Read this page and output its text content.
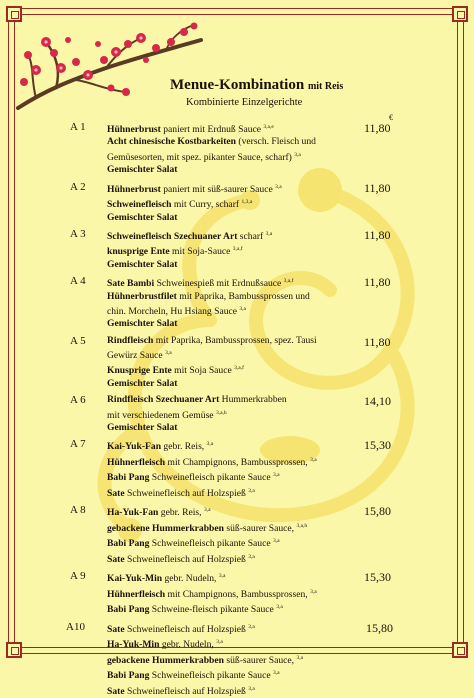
Menue-Kombination mit Reis
Kombinierte Einzelgerichte
€
A 1	11,80
Hühnerbrust paniert mit Erdnuß Sauce $^{3,a,e}$
Acht chinesische Kostbarkeiten (versch. Fleisch und
Gemüsesorten, mit spez. pikanter Sauce, scharf) $^{3,a}$
Gemischter Salat
A 2	11,80
Hühnerbrust paniert mit süß-saurer Sauce $^{3,a}$
Schweinefleisch mit Curry, scharf $^{1,3,a}$
Gemischter Salat
A 3	11,80
Schweinefleisch Szechuaner Art scharf $^{3,a}$
knusprige Ente mit Soja-Sauce $^{3,a,f}$
Gemischter Salat
A 4	11,80
Sate Bambi Schweinespieß mit Erdnußsauce $^{3,a,f}$
Hühnerbrustfilet mit Paprika, Bambussprossen und
chin. Morcheln, Hu Hsiang Sauce $^{3,a}$
Gemischter Salat
A 5	11,80
Rindfleisch mit Paprika, Bambussprossen, spez. Tausi
Gewürz Sauce $^{3,a}$
Knusprige Ente mit Soja Sauce $^{3,a,f}$
Gemischter Salat
A 6	14,10
Rindfleisch Szechuaner Art Hummerkrabben
mit verschiedenem Gemüse $^{3,a,h}$
Gemischter Salat
A 7	15,30
Kai-Yuk-Fan gebr. Reis, $^{3,a}$
Hühnerfleisch mit Champignons, Bambussprossen, $^{3,a}$
Babi Pang Schweinefleisch pikante Sauce $^{3,a}$
Sate Schweinefleisch auf Holzspieß $^{3,a}$
A 8	15,80
Ha-Yuk-Fan gebr. Reis, $^{3,a}$
gebackene Hummerkrabben süß-saurer Sauce, $^{3,a,h}$
Babi Pang Schweinefleisch pikante Sauce $^{3,a}$
Sate Schweinefleisch auf Holzspieß $^{3,a}$
A 9	15,30
Kai-Yuk-Min gebr. Nudeln, $^{3,a}$
Hühnerfleisch mit Champignons, Bambussprossen, $^{3,a}$
Babi Pang Schweine-fleisch pikante Sauce $^{3,a}$
A10	15,80
Sate Schweinefleisch auf Holzspieß $^{3,a}$
Ha-Yuk-Min gebr. Nudeln, $^{3,a}$
gebackene Hummerkrabben süß-saurer Sauce, $^{3,a}$
Babi Pang Schweinefleisch pikante Sauce $^{3,a}$
Sate Schweinefleisch auf Holzspieß $^{3,a}$
